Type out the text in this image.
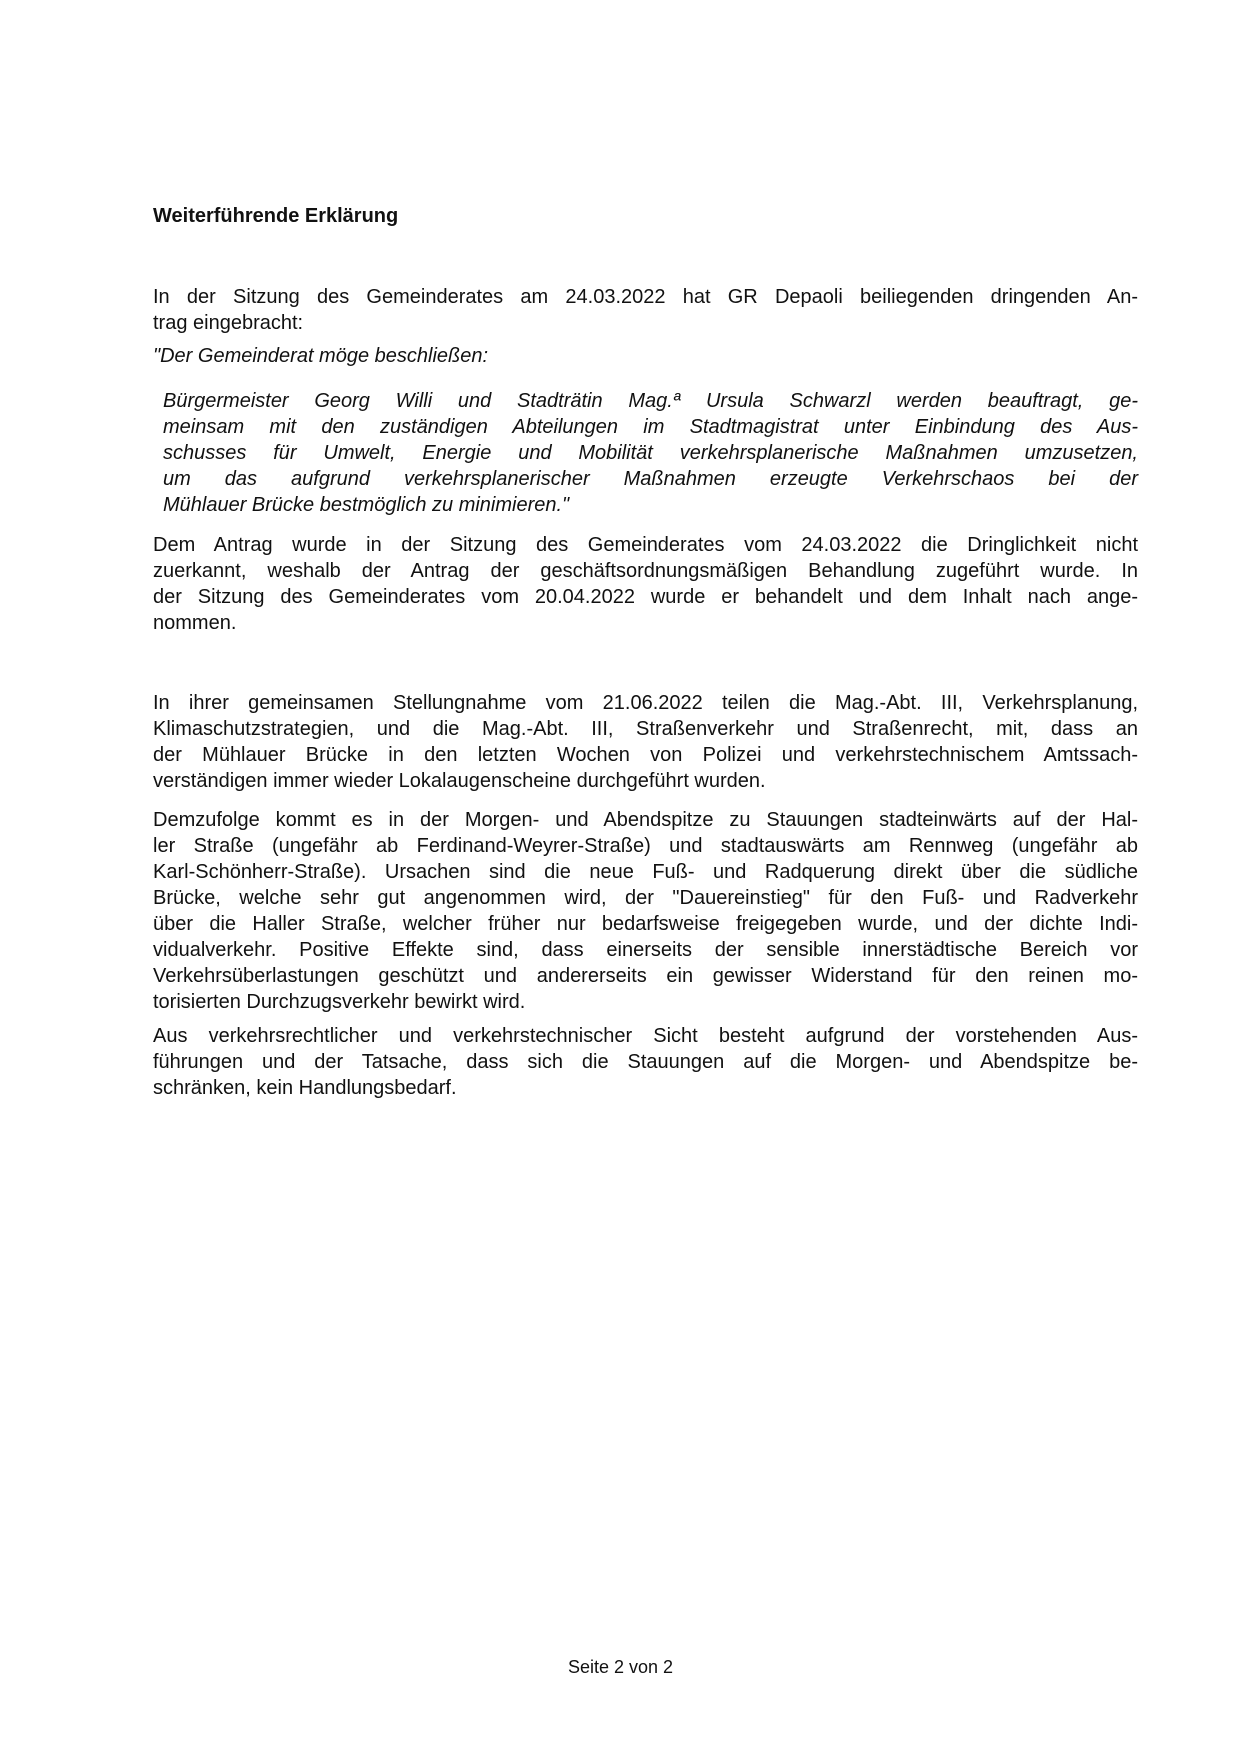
Weiterführende Erklärung

In der Sitzung des Gemeinderates am 24.03.2022 hat GR Depaoli beiliegenden dringenden An-
trag eingebracht:

"Der Gemeinderat möge beschließen:

Bürgermeister Georg Willi und Stadträtin Mag.ª Ursula Schwarzl werden beauftragt, ge-
meinsam mit den zuständigen Abteilungen im Stadtmagistrat unter Einbindung des Aus-
schusses für Umwelt, Energie und Mobilität verkehrsplanerische Maßnahmen umzusetzen,
um das aufgrund verkehrsplanerischer Maßnahmen erzeugte Verkehrschaos bei der
Mühlauer Brücke bestmöglich zu minimieren."

Dem Antrag wurde in der Sitzung des Gemeinderates vom 24.03.2022 die Dringlichkeit nicht
zuerkannt, weshalb der Antrag der geschäftsordnungsmäßigen Behandlung zugeführt wurde. In
der Sitzung des Gemeinderates vom 20.04.2022 wurde er behandelt und dem Inhalt nach ange-
nommen.

In ihrer gemeinsamen Stellungnahme vom 21.06.2022 teilen die Mag.-Abt. III, Verkehrsplanung,
Klimaschutzstrategien, und die Mag.-Abt. III, Straßenverkehr und Straßenrecht, mit, dass an
der Mühlauer Brücke in den letzten Wochen von Polizei und verkehrstechnischem Amtssach-
verständigen immer wieder Lokalaugenscheine durchgeführt wurden.

Demzufolge kommt es in der Morgen- und Abendspitze zu Stauungen stadteinwärts auf der Hal-
ler Straße (ungefähr ab Ferdinand-Weyrer-Straße) und stadtauswärts am Rennweg (ungefähr ab
Karl-Schönherr-Straße). Ursachen sind die neue Fuß- und Radquerung direkt über die südliche
Brücke, welche sehr gut angenommen wird, der "Dauereinstieg" für den Fuß- und Radverkehr
über die Haller Straße, welcher früher nur bedarfsweise freigegeben wurde, und der dichte Indi-
vidualverkehr. Positive Effekte sind, dass einerseits der sensible innerstädtische Bereich vor
Verkehrsüberlastungen geschützt und andererseits ein gewisser Widerstand für den reinen mo-
torisierten Durchzugsverkehr bewirkt wird.

Aus verkehrsrechtlicher und verkehrstechnischer Sicht besteht aufgrund der vorstehenden Aus-
führungen und der Tatsache, dass sich die Stauungen auf die Morgen- und Abendspitze be-
schränken, kein Handlungsbedarf.

Seite 2 von 2
